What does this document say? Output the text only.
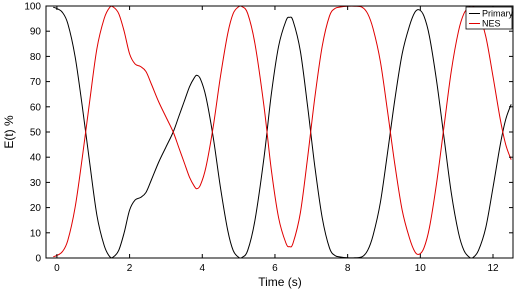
0	2	4	6	8	10	12
0
10
20
30
40
50
60
70
80
90
100
Time (s)
E(t) %
Primary
NES
